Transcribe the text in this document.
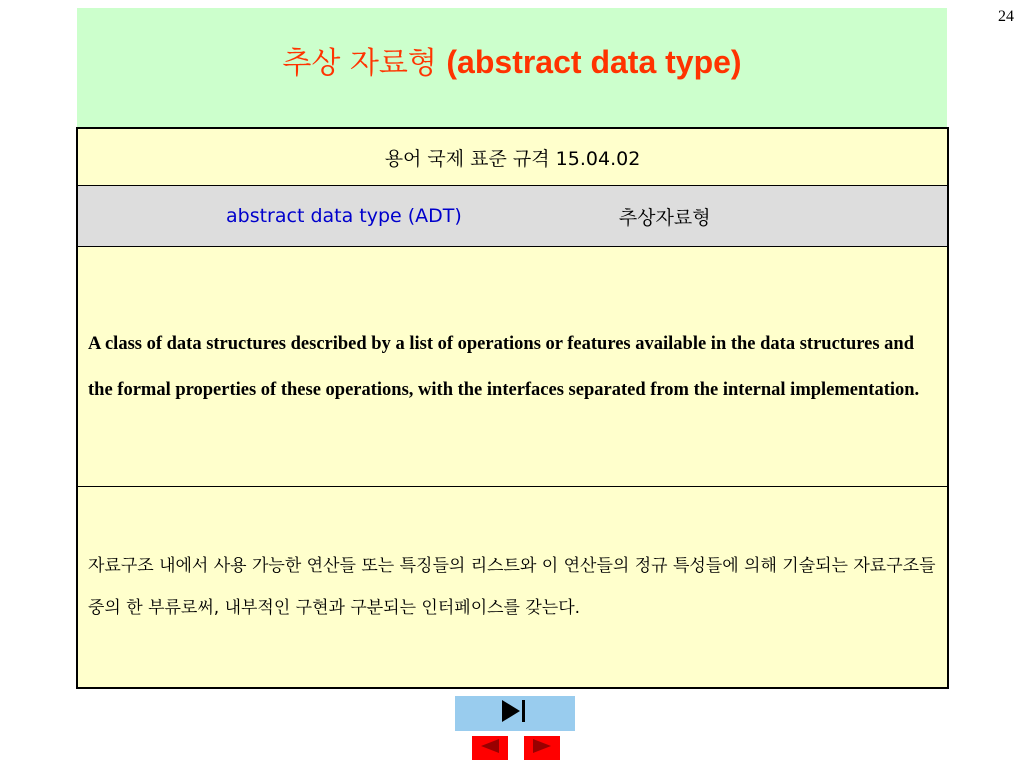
24
추상 자료형 (abstract data type)
용어 국제 표준 규격 15.04.02
abstract data type (ADT)	추상자료형

A class of data structures described by a list of operations or features available in the data structures and the formal properties of these operations, with the interfaces separated from the internal implementation.

자료구조 내에서 사용 가능한 연산들 또는 특징들의 리스트와 이 연산들의 정규 특성들에 의해 기술되는 자료구조들 중의 한 부류로써, 내부적인 구현과 구분되는 인터페이스를 갖는다.
